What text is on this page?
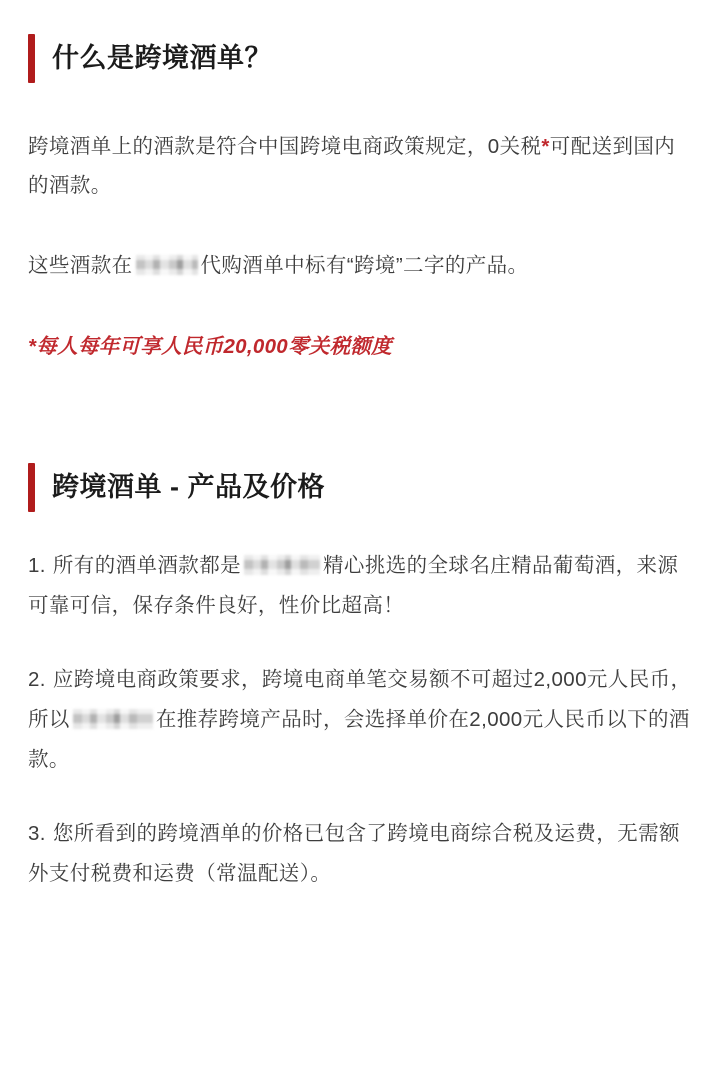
什么是跨境酒单？

跨境酒单上的酒款是符合中国跨境电商政策规定，0关税*可配送到国内的酒款。

这些酒款在	代购酒单中标有“跨境”二字的产品。

*每人每年可享人民币20,000零关税额度

跨境酒单 - 产品及价格
1. 所有的酒单酒款都是	精心挑选的全球名庄精品葡萄酒，来源可靠可信，保存条件良好，性价比超高！
2. 应跨境电商政策要求，跨境电商单笔交易额不可超过2,000元人民币，所以	在推荐跨境产品时，会选择单价在2,000元人民币以下的酒款。
3. 您所看到的跨境酒单的价格已包含了跨境电商综合税及运费，无需额外支付税费和运费（常温配送）。
